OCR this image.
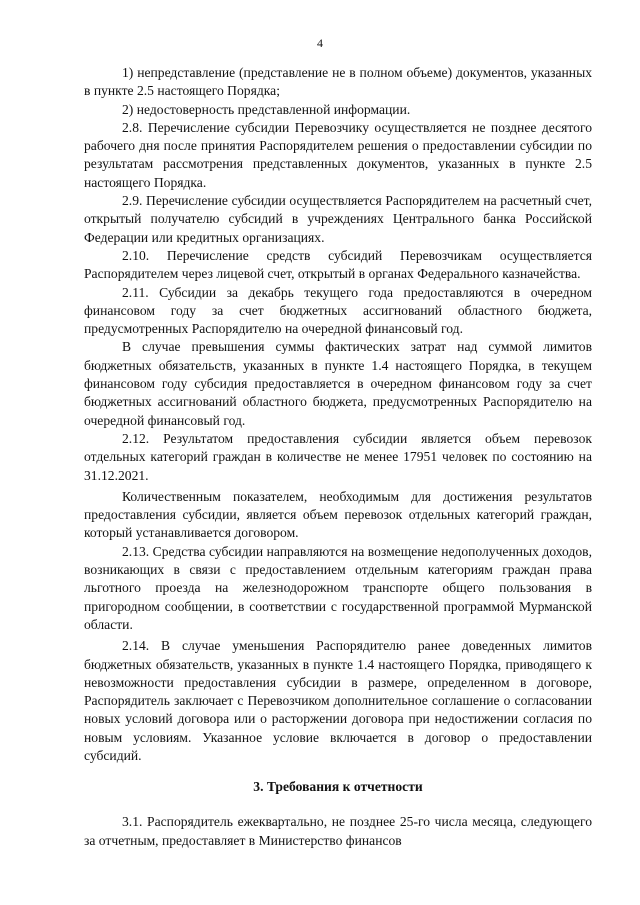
4

1) непредставление (представление не в полном объеме) документов, указанных в пункте 2.5 настоящего Порядка;

2) недостоверность представленной информации.

2.8. Перечисление субсидии Перевозчику осуществляется не позднее десятого рабочего дня после принятия Распорядителем решения о предоставлении субсидии по результатам рассмотрения представленных документов, указанных в пункте 2.5 настоящего Порядка.

2.9. Перечисление субсидии осуществляется Распорядителем на расчетный счет, открытый получателю субсидий в учреждениях Центрального банка Российской Федерации или кредитных организациях.

2.10. Перечисление средств субсидий Перевозчикам осуществляется Распорядителем через лицевой счет, открытый в органах Федерального казначейства.

2.11. Субсидии за декабрь текущего года предоставляются в очередном финансовом году за счет бюджетных ассигнований областного бюджета, предусмотренных Распорядителю на очередной финансовый год.

В случае превышения суммы фактических затрат над суммой лимитов бюджетных обязательств, указанных в пункте 1.4 настоящего Порядка, в текущем финансовом году субсидия предоставляется в очередном финансовом году за счет бюджетных ассигнований областного бюджета, предусмотренных Распорядителю на очередной финансовый год.

2.12. Результатом предоставления субсидии является объем перевозок отдельных категорий граждан в количестве не менее 17951 человек по состоянию на 31.12.2021.

Количественным показателем, необходимым для достижения результатов предоставления субсидии, является объем перевозок отдельных категорий граждан, который устанавливается договором.

2.13. Средства субсидии направляются на возмещение недополученных доходов, возникающих в связи с предоставлением отдельным категориям граждан права льготного проезда на железнодорожном транспорте общего пользования в пригородном сообщении, в соответствии с государственной программой Мурманской области.

2.14. В случае уменьшения Распорядителю ранее доведенных лимитов бюджетных обязательств, указанных в пункте 1.4 настоящего Порядка, приводящего к невозможности предоставления субсидии в размере, определенном в договоре, Распорядитель заключает с Перевозчиком дополнительное соглашение о согласовании новых условий договора или о расторжении договора при недостижении согласия по новым условиям. Указанное условие включается в договор о предоставлении субсидий.

3. Требования к отчетности

3.1. Распорядитель ежеквартально, не позднее 25-го числа месяца, следующего за отчетным, предоставляет в Министерство финансов
